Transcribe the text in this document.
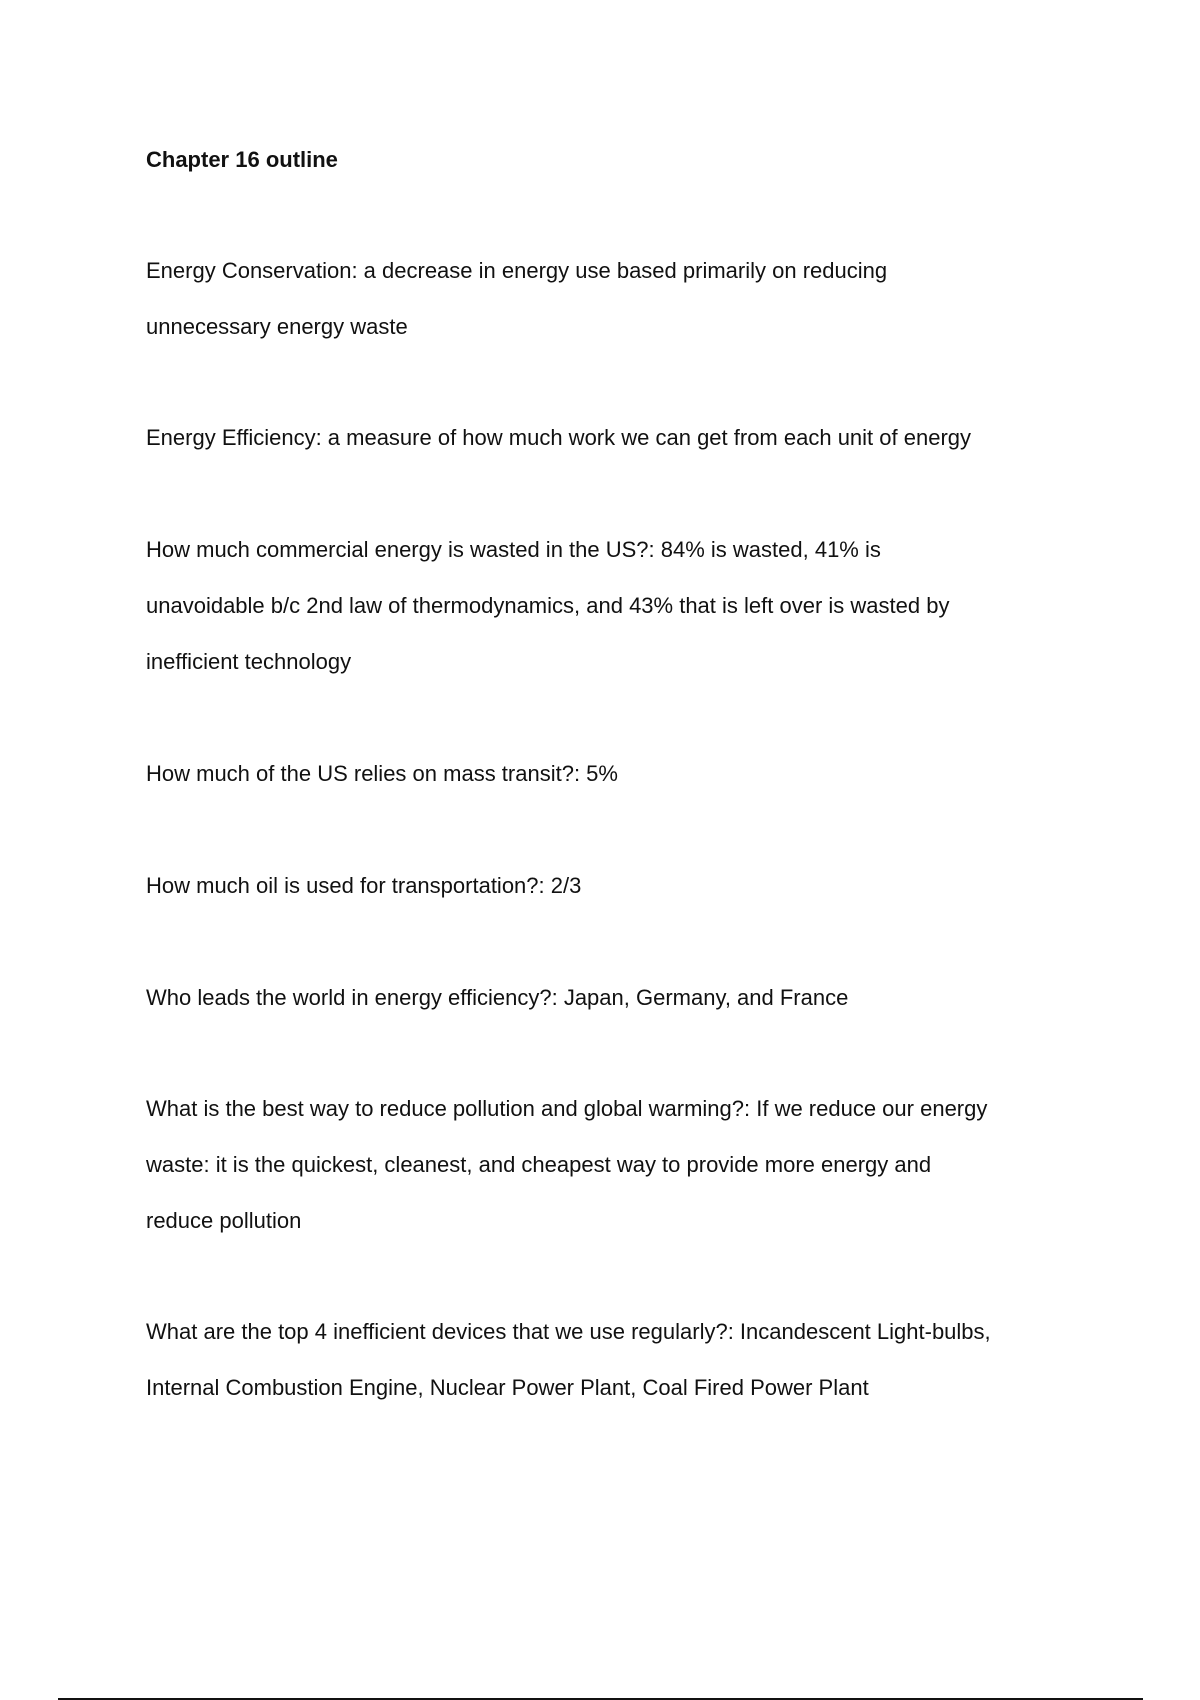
Chapter 16 outline

Energy Conservation: a decrease in energy use based primarily on reducing
unnecessary energy waste

Energy Efficiency: a measure of how much work we can get from each unit of energy

How much commercial energy is wasted in the US?: 84% is wasted, 41% is
unavoidable b/c 2nd law of thermodynamics, and 43% that is left over is wasted by
inefficient technology

How much of the US relies on mass transit?: 5%

How much oil is used for transportation?: 2/3

Who leads the world in energy efficiency?: Japan, Germany, and France

What is the best way to reduce pollution and global warming?: If we reduce our energy
waste: it is the quickest, cleanest, and cheapest way to provide more energy and
reduce pollution

What are the top 4 inefficient devices that we use regularly?: Incandescent Light-bulbs,
Internal Combustion Engine, Nuclear Power Plant, Coal Fired Power Plant
